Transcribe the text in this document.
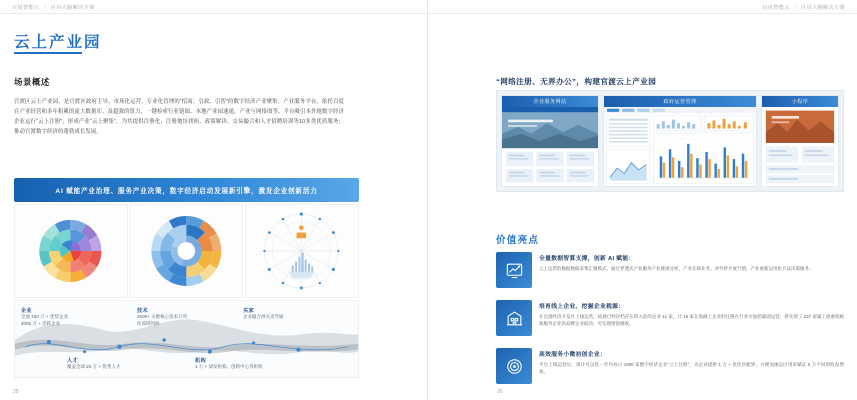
百度智能云 / 区县大脑解决方案
云上产业园
场景概述
官渡区云上产业园，是官渡区政府主导、市场化运营，专业化管理的“招商、引政、引智”的数字经济产业聚集。产业服务平台，依托百度在产业经营和多年积累的庞大数据库、及超强的算力、一键检索行业链图、本地产业园速通，产业与网络图等、平台吸引本外地数字经济企业运行“云上注册”，形成产业“云上聚集”，为其提供注册化、注册地址找租、政策解读、交易撮合和人才招聘培训等10多类优质服务；推动官渡数字经济的蓬勃成长发展。
AI 赋能产业治理、服务产业决策，数字经济启动发展新引擎，激发企业创新活力
企业
全面 150 万 + 优势企业,
4000 万 + 活跃企业
技术
2500+ 关键核心技术万列
化领域列拆
买家
企业撮合供买卖导通
人才
覆盖全球 20 万 + 优秀人才
机构
1 万 + 研发机构、创新中心等机构
25
百度智能云 / 区县大脑解决方案
“网络注册、无界办公”，构建官渡云上产业园
企业服务网站	政府运营管理	小程序
价值亮点
全量数据智算支撑，创新 AI 赋能：
云上运营的数据数据采集汇聚模式，通过穿透式产业服务产业链谱分析，产业在研业务、对外侨介度行情，产业重新运用化方法决策服务。
培育线上企业、挖掘企业税源：
在官渡经济开发区上线运营，拓展已经存档存在的入驻的企业 41 家，计 16 家在海湖上企业的注册在行业方面招募面运营，将实现了 237 家属工商重构税收服务企业的品牌企业联动，可实现增值税收。
高效服务小微初创企业：
平台上线运营后，预计可以优一年内每日 1000 家数字经济企业“云上注册”，为企业提供 1 万 + 优化匹配界，方便加速运区用来赋证 5 万不同的收发增加。
26
